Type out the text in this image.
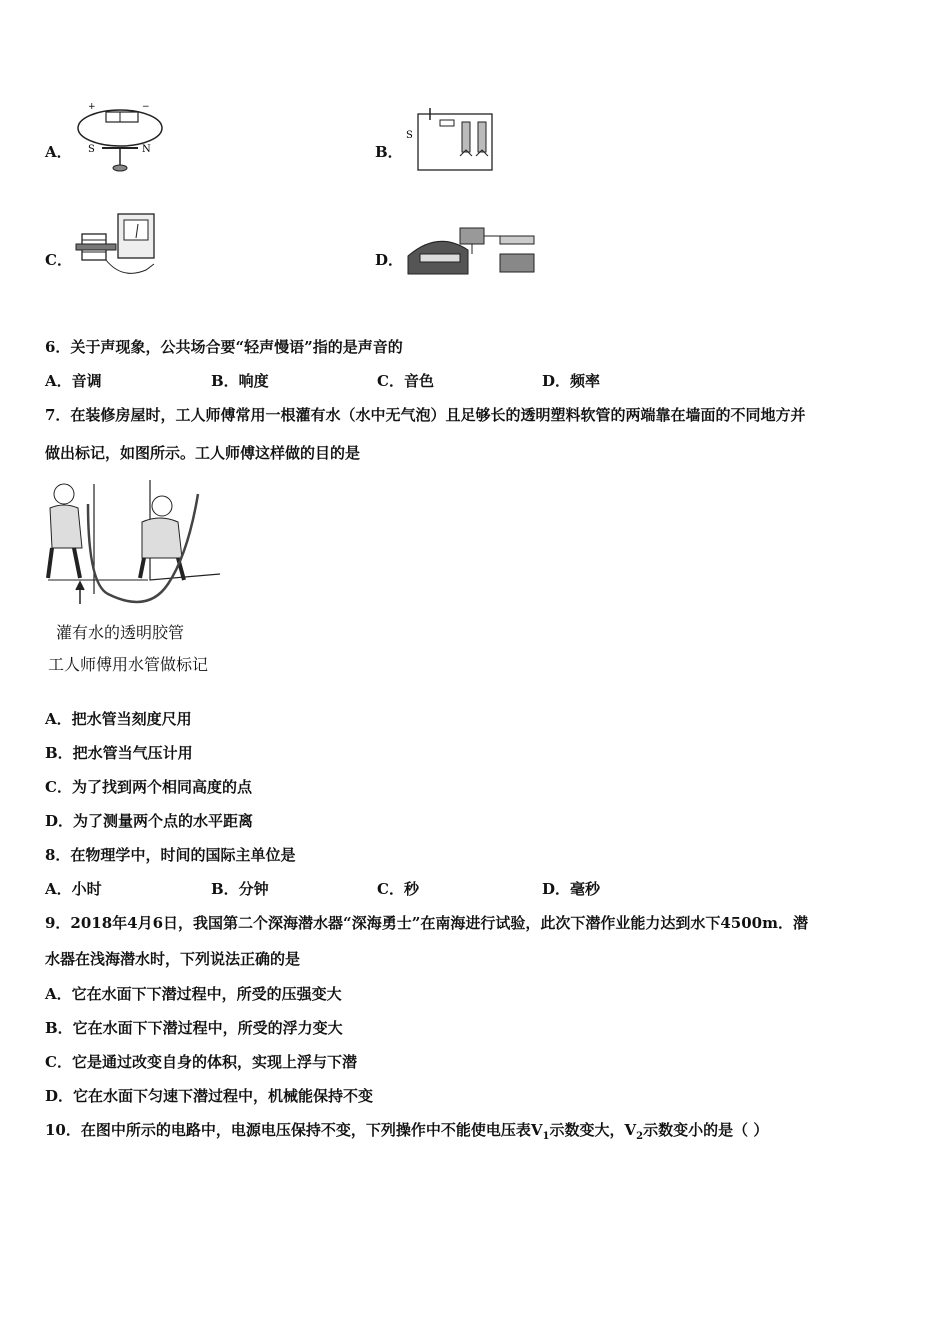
A．
+	−
S	N	B．
S
C．	D．
6．关于声现象，公共场合要“轻声慢语”指的是声音的
A．音调	B．响度	C．音色	D．频率
7．在装修房屋时，工人师傅常用一根灌有水（水中无气泡）且足够长的透明塑料软管的两端靠在墙面的不同地方并
做出标记，如图所示。工人师傅这样做的目的是
灌有水的透明胶管
工人师傅用水管做标记
A．把水管当刻度尺用
B．把水管当气压计用
C．为了找到两个相同高度的点
D．为了测量两个点的水平距离
8．在物理学中，时间的国际主单位是
A．小时	B．分钟	C．秒	D．毫秒
9．2018年4月6日，我国第二个深海潜水器“深海勇士”在南海进行试验，此次下潜作业能力达到水下4500m．潜
水器在浅海潜水时，下列说法正确的是
A．它在水面下下潜过程中，所受的压强变大
B．它在水面下下潜过程中，所受的浮力变大
C．它是通过改变自身的体积，实现上浮与下潜
D．它在水面下匀速下潜过程中，机械能保持不变
10．在图中所示的电路中，电源电压保持不变，下列操作中不能使电压表$V_1$示数变大，$V_2$示数变小的是（ ）
